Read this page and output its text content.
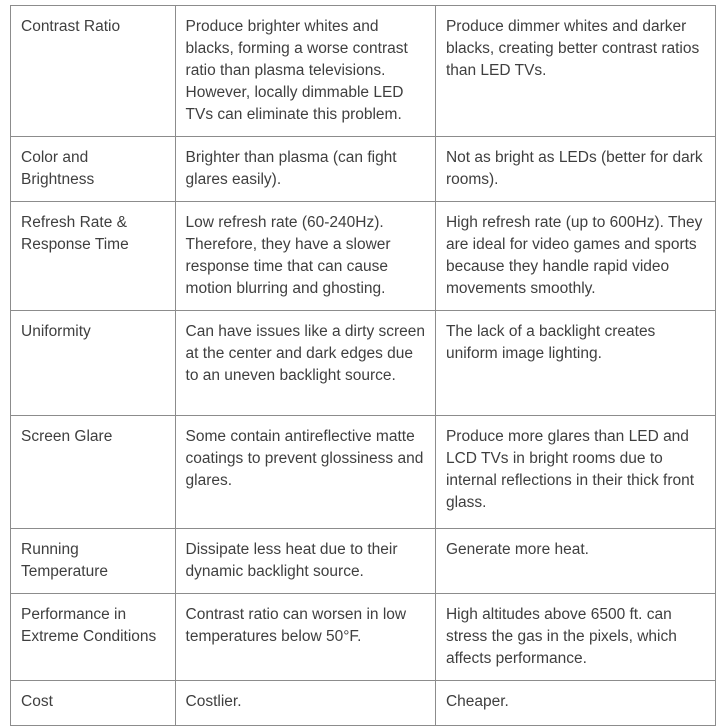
Contrast Ratio	Produce brighter whites and blacks, forming a worse contrast ratio than plasma televisions. However, locally dimmable LED TVs can eliminate this problem.	Produce dimmer whites and darker blacks, creating better contrast ratios than LED TVs.

Color and Brightness	Brighter than plasma (can fight glares easily).	Not as bright as LEDs (better for dark rooms).

Refresh Rate & Response Time	Low refresh rate (60-240Hz). Therefore, they have a slower response time that can cause motion blurring and ghosting.	High refresh rate (up to 600Hz). They are ideal for video games and sports because they handle rapid video movements smoothly.

Uniformity	Can have issues like a dirty screen at the center and dark edges due to an uneven backlight source.	The lack of a backlight creates uniform image lighting.

Screen Glare	Some contain antireflective matte coatings to prevent glossiness and glares.	Produce more glares than LED and LCD TVs in bright rooms due to internal reflections in their thick front glass.

Running Temperature	Dissipate less heat due to their dynamic backlight source.	Generate more heat.

Performance in Extreme Conditions	Contrast ratio can worsen in low temperatures below 50°F.	High altitudes above 6500 ft. can stress the gas in the pixels, which affects performance.

Cost	Costlier.	Cheaper.
